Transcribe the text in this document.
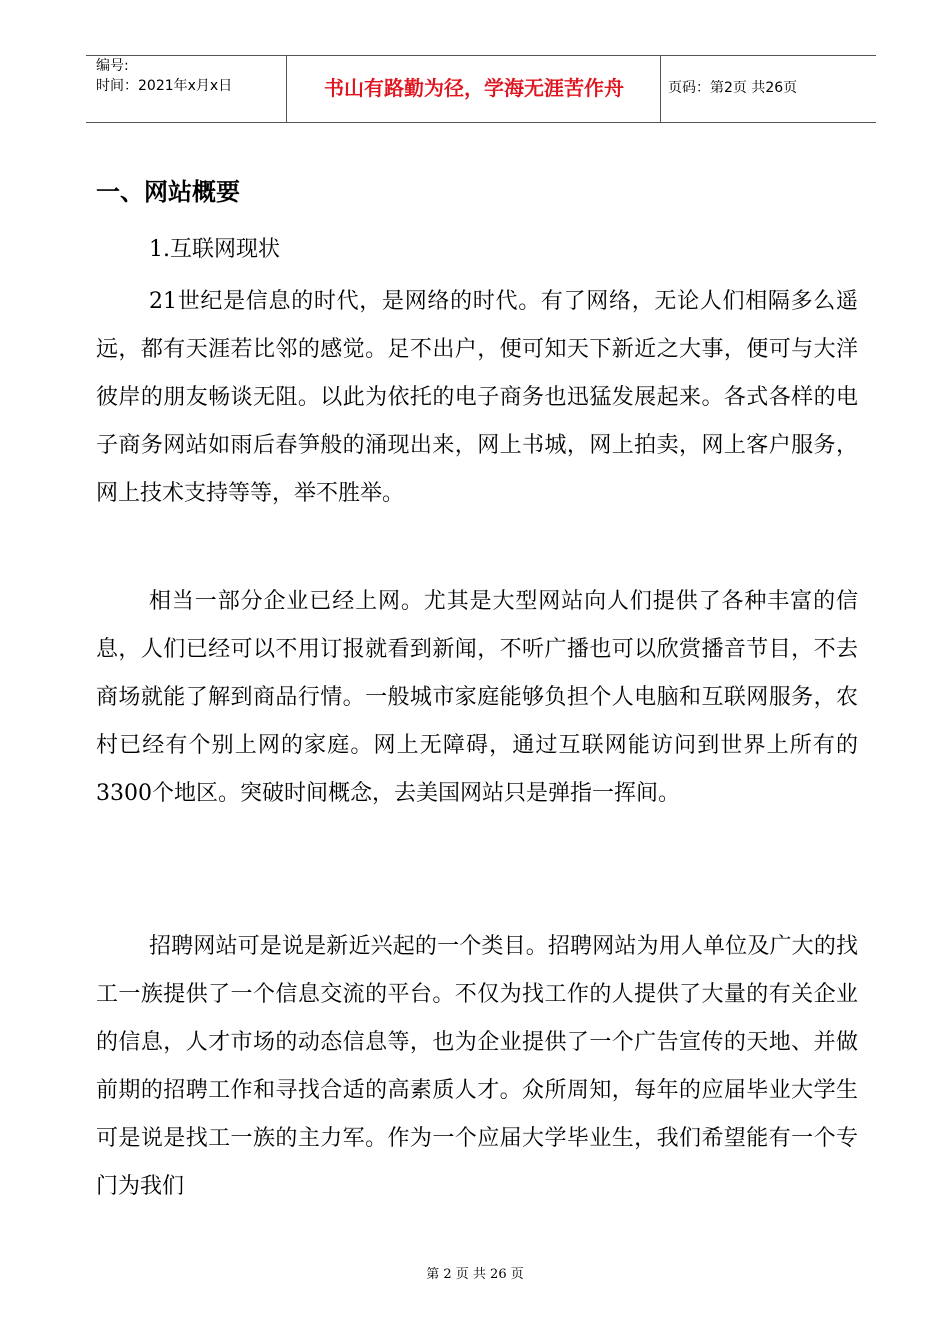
编号:
时间：2021年x月x日	书山有路勤为径，学海无涯苦作舟	页码：第2页 共26页
一、网站概要
1.互联网现状

21世纪是信息的时代，是网络的时代。有了网络，无论人们相隔多么遥远，都有天涯若比邻的感觉。足不出户，便可知天下新近之大事，便可与大洋彼岸的朋友畅谈无阻。以此为依托的电子商务也迅猛发展起来。各式各样的电子商务网站如雨后春笋般的涌现出来，网上书城，网上拍卖，网上客户服务，网上技术支持等等，举不胜举。

相当一部分企业已经上网。尤其是大型网站向人们提供了各种丰富的信息，人们已经可以不用订报就看到新闻，不听广播也可以欣赏播音节目，不去商场就能了解到商品行情。一般城市家庭能够负担个人电脑和互联网服务，农村已经有个别上网的家庭。网上无障碍，通过互联网能访问到世界上所有的3300个地区。突破时间概念，去美国网站只是弹指一挥间。

招聘网站可是说是新近兴起的一个类目。招聘网站为用人单位及广大的找工一族提供了一个信息交流的平台。不仅为找工作的人提供了大量的有关企业的信息，人才市场的动态信息等，也为企业提供了一个广告宣传的天地、并做前期的招聘工作和寻找合适的高素质人才。众所周知，每年的应届毕业大学生可是说是找工一族的主力军。作为一个应届大学毕业生，我们希望能有一个专门为我们

第 2 页 共 26 页
